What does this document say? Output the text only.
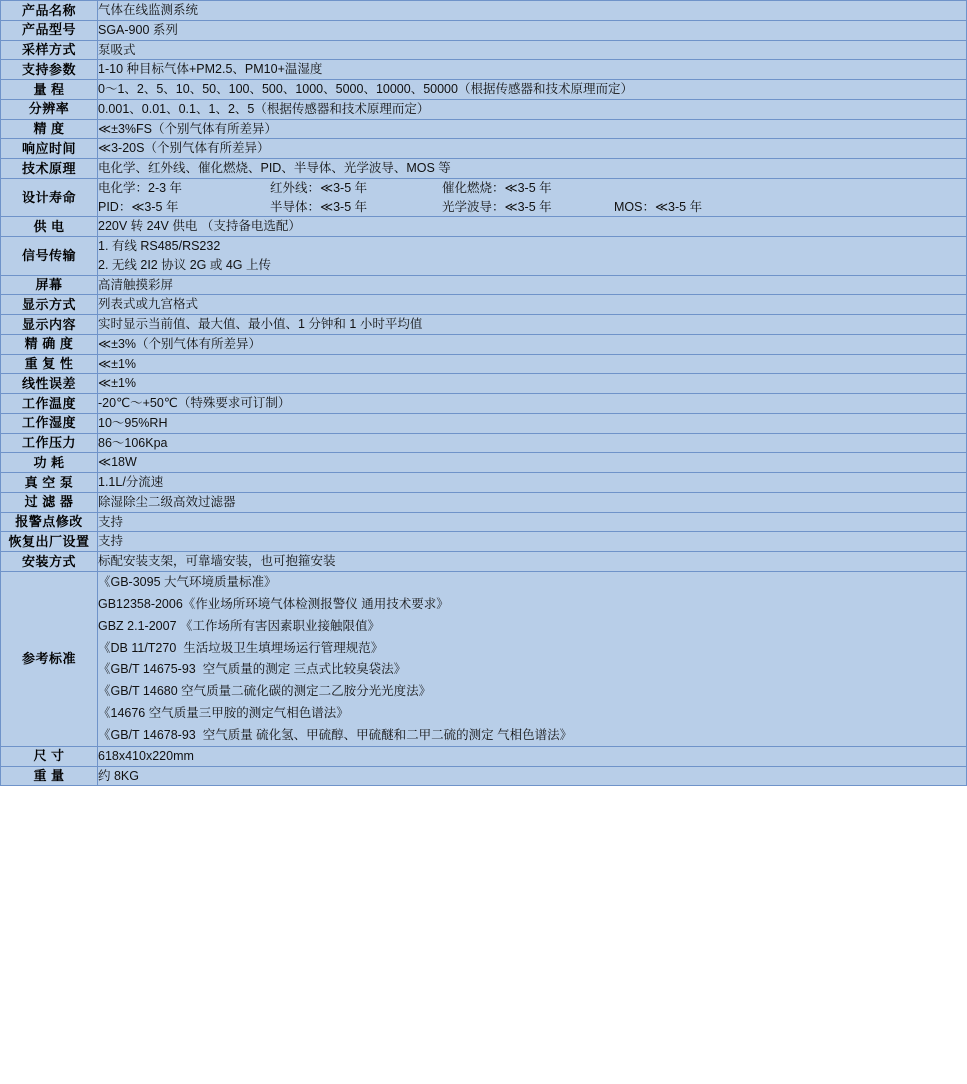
产品名称	气体在线监测系统

产品型号	SGA-900 系列

采样方式	泵吸式

支持参数	1-10 种目标气体+PM2.5、PM10+温湿度

量 程	0～1、2、5、10、50、100、500、1000、5000、10000、50000（根据传感器和技术原理而定）

分辨率	0.001、0.01、0.1、1、2、5（根据传感器和技术原理而定）

精 度	≪±3%FS（个别气体有所差异）

响应时间	≪3-20S（个别气体有所差异）

技术原理	电化学、红外线、催化燃烧、PID、半导体、光学波导、MOS 等

设计寿命	
电化学：2-3 年	红外线：≪3-5 年	催化燃烧：≪3-5 年
PID：≪3-5 年	半导体：≪3-5 年	光学波导：≪3-5 年	MOS：≪3-5 年

供 电	220V 转 24V 供电 （支持备电选配）

信号传输	1. 有线 RS485/RS232
2. 无线 2I2 协议 2G 或 4G 上传

屏幕	高清触摸彩屏

显示方式	列表式或九宫格式

显示内容	实时显示当前值、最大值、最小值、1 分钟和 1 小时平均值

精 确 度	≪±3%（个别气体有所差异）

重 复 性	≪±1%

线性误差	≪±1%

工作温度	-20℃～+50℃（特殊要求可订制）

工作湿度	10～95%RH

工作压力	86～106Kpa

功 耗	≪18W

真 空 泵	1.1L/分流速

过 滤 器	除湿除尘二级高效过滤器

报警点修改	支持

恢复出厂设置	支持

安装方式	标配安装支架，可靠墙安装，也可抱箍安装

参考标准	
《GB-3095 大气环境质量标准》
GB12358-2006《作业场所环境气体检测报警仪 通用技术要求》
GBZ 2.1-2007 《工作场所有害因素职业接触限值》
《DB 11/T270  生活垃圾卫生填埋场运行管理规范》
《GB/T 14675-93  空气质量的测定 三点式比较臭袋法》
《GB/T 14680 空气质量二硫化碳的测定二乙胺分光光度法》
《14676 空气质量三甲胺的测定气相色谱法》
《GB/T 14678-93  空气质量 硫化氢、甲硫醇、甲硫醚和二甲二硫的测定 气相色谱法》

尺 寸	618x410x220mm

重 量	约 8KG
